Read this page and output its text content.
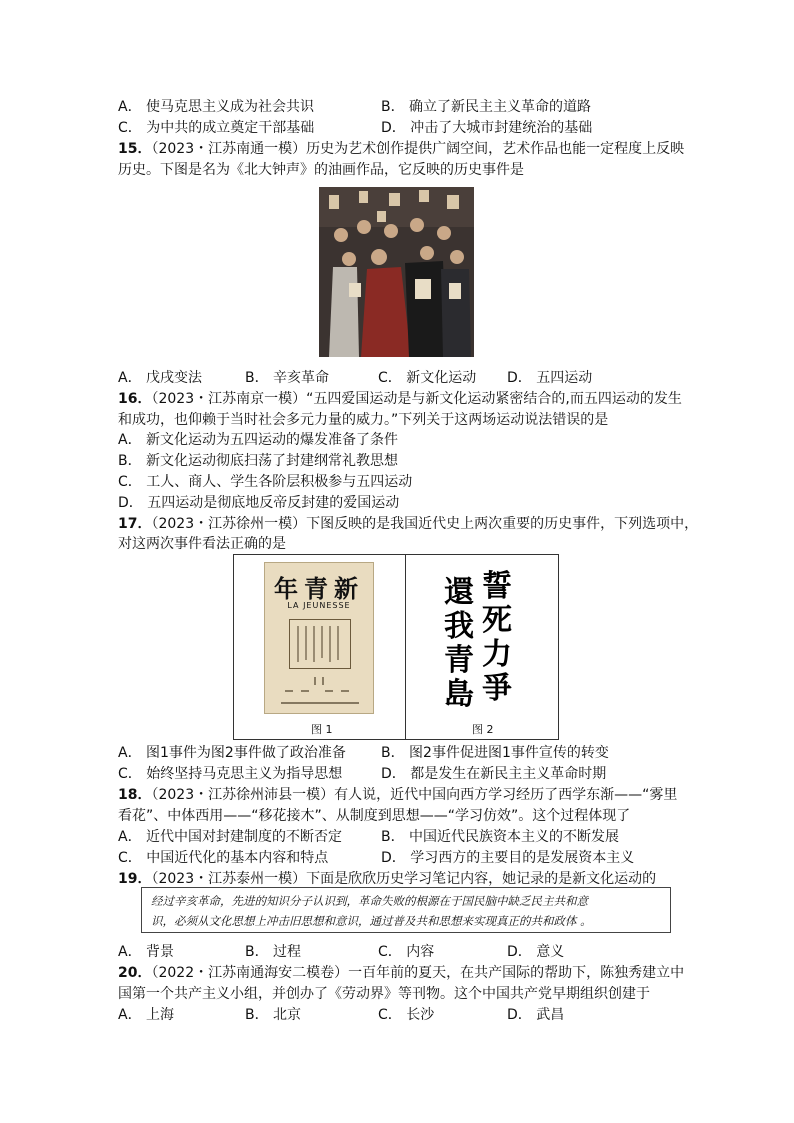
A． 使马克思主义成为社会共识	B． 确立了新民主主义革命的道路
C． 为中共的成立奠定干部基础	D． 冲击了大城市封建统治的基础
15．（2023・江苏南通一模）历史为艺术创作提供广阔空间，艺术作品也能一定程度上反映
历史。下图是名为《北大钟声》的油画作品，它反映的历史事件是
A． 戊戌变法	B． 辛亥革命	C． 新文化运动 D． 五四运动
16．（2023・江苏南京一模）“五四爱国运动是与新文化运动紧密结合的,而五四运动的发生
和成功，也仰赖于当时社会多元力量的威力。”下列关于这两场运动说法错误的是
A． 新文化运动为五四运动的爆发准备了条件
B． 新文化运动彻底扫荡了封建纲常礼教思想
C． 工人、商人、学生各阶层积极参与五四运动
D． 五四运动是彻底地反帝反封建的爱国运动
17．（2023・江苏徐州一模）下图反映的是我国近代史上两次重要的历史事件，下列选项中，
对这两次事件看法正确的是
年青新
LA JEUNESSE
图 1
誓死力爭
還我青島
图 2
A． 图1事件为图2事件做了政治准备	B． 图2事件促进图1事件宣传的转变
C． 始终坚持马克思主义为指导思想	D． 都是发生在新民主主义革命时期
18．（2023・江苏徐州沛县一模）有人说，近代中国向西方学习经历了西学东渐——“雾里
看花”、中体西用——“移花接木”、从制度到思想——“学习仿效”。这个过程体现了
A． 近代中国对封建制度的不断否定	B． 中国近代民族资本主义的不断发展
C． 中国近代化的基本内容和特点	D． 学习西方的主要目的是发展资本主义
19．（2023・江苏泰州一模）下面是欣欣历史学习笔记内容，她记录的是新文化运动的
经过辛亥革命，先进的知识分子认识到，革命失败的根源在于国民脑中缺乏民主共和意
识，必须从文化思想上冲击旧思想和意识，通过普及共和思想来实现真正的共和政体 。
A． 背景	B． 过程	C． 内容	D． 意义
20．（2022・江苏南通海安二模卷）一百年前的夏天，在共产国际的帮助下，陈独秀建立中
国第一个共产主义小组，并创办了《劳动界》等刊物。这个中国共产党早期组织创建于
A． 上海	B． 北京	C． 长沙	D． 武昌
